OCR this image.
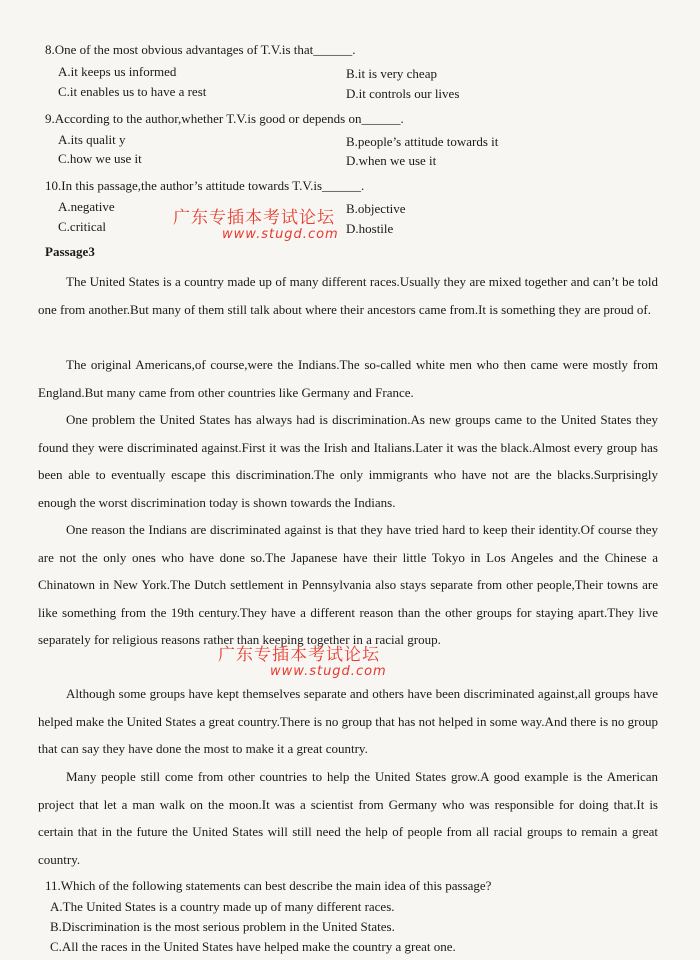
8.One of the most obvious advantages of T.V.is that______.
A.it keeps us informed	B.it is very cheap
C.it enables us to have a rest	D.it controls our lives
9.According to the author,whether T.V.is good or depends on______.
A.its qualit y	B.people’s attitude towards it
C.how we use it	D.when we use it
10.In this passage,the author’s attitude towards T.V.is______.
A.negative	B.objective
C.critical	D.hostile
广东专插本考试论坛
www.stugd.com
Passage3
The United States is a country made up of many different races.Usually they are mixed together and can’t be told one from another.But many of them still talk about where their ancestors came from.It is something they are proud of.
The original Americans,of course,were the Indians.The so-called white men who then came were mostly from England.But many came from other countries like Germany and France.
One problem the United States has always had is discrimination.As new groups came to the United States they found they were discriminated against.First it was the Irish and Italians.Later it was the black.Almost every group has been able to eventually escape this discrimination.The only immigrants who have not are the blacks.Surprisingly enough the worst discrimination today is shown towards the Indians.
One reason the Indians are discriminated against is that they have tried hard to keep their identity.Of course they are not the only ones who have done so.The Japanese have their little Tokyo in Los Angeles and the Chinese a Chinatown in New York.The Dutch settlement in Pennsylvania also stays separate from other people,Their towns are like something from the 19th century.They have a different reason than the other groups for staying apart.They live separately for religious reasons rather than keeping together in a racial group.
Although some groups have kept themselves separate and others have been discriminated against,all groups have helped make the United States a great country.There is no group that has not helped in some way.And there is no group that can say they have done the most to make it a great country.
Many people still come from other countries to help the United States grow.A good example is the American project that let a man walk on the moon.It was a scientist from Germany who was responsible for doing that.It is certain that in the future the United States will still need the help of people from all racial groups to remain a great country.
广东专插本考试论坛
www.stugd.com
11.Which of the following statements can best describe the main idea of this passage?
A.The United States is a country made up of many different races.
B.Discrimination is the most serious problem in the United States.
C.All the races in the United States have helped make the country a great one.
